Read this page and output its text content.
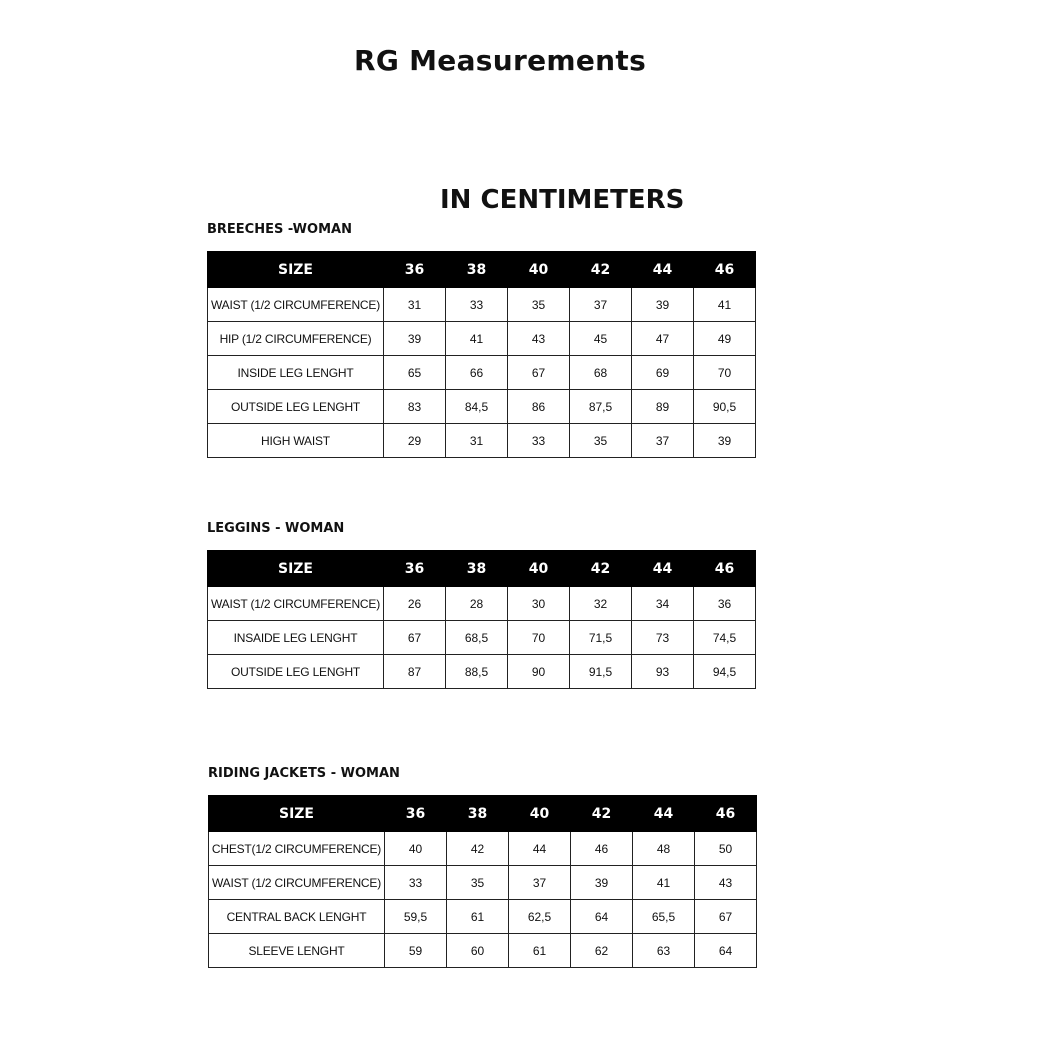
RG Measurements
IN CENTIMETERS
BREECHES -WOMAN
SIZE	36	38	40	42	44	46
WAIST (1/2 CIRCUMFERENCE)	31	33	35	37	39	41
HIP (1/2 CIRCUMFERENCE)	39	41	43	45	47	49
INSIDE LEG LENGHT	65	66	67	68	69	70
OUTSIDE LEG LENGHT	83	84,5	86	87,5	89	90,5
HIGH WAIST	29	31	33	35	37	39
LEGGINS - WOMAN
SIZE	36	38	40	42	44	46
WAIST (1/2 CIRCUMFERENCE)	26	28	30	32	34	36
INSAIDE LEG LENGHT	67	68,5	70	71,5	73	74,5
OUTSIDE LEG LENGHT	87	88,5	90	91,5	93	94,5
RIDING JACKETS - WOMAN
SIZE	36	38	40	42	44	46
CHEST(1/2 CIRCUMFERENCE)	40	42	44	46	48	50
WAIST (1/2 CIRCUMFERENCE)	33	35	37	39	41	43
CENTRAL BACK LENGHT	59,5	61	62,5	64	65,5	67
SLEEVE LENGHT	59	60	61	62	63	64
